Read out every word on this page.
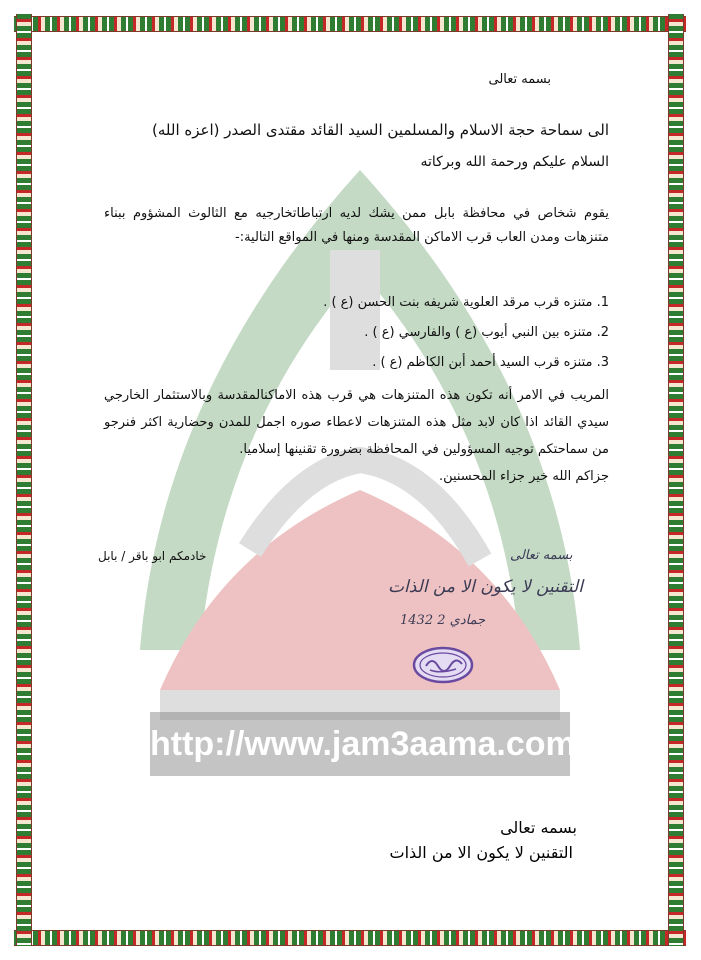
http://www.jam3aama.com
بسمه تعالى
الى سماحة حجة الاسلام والمسلمين السيد القائد مقتدى الصدر (اعزه الله)
السلام عليكم ورحمة الله وبركاته
يقوم شخاص في محافظة بابل ممن يشك لديه ارتباطاتخارجيه مع الثالوث المشؤوم ببناء متنزهات ومدن العاب قرب الاماكن المقدسة ومنها في المواقع التالية:-
1. متنزه قرب مرقد العلوية شريفه بنت الحسن (ع ) .
2. متنزه بين النبي أيوب (ع ) والفارسي (ع ) .
3. متنزه قرب السيد أحمد أبن الكاظم (ع ) .
المريب في الامر أنه تكون هذه المتنزهات هي قرب هذه الاماكنالمقدسة وبالاستثمار الخارجي سيدي القائد اذا كان لابد مثل هذه المتنزهات لاعطاء صوره اجمل للمدن وحضارية اكثر فنرجو من سماحتكم توجيه المسؤولين في المحافظة بضرورة تقنينها إسلاميا.
جزاكم الله خير جزاء المحسنين.
خادمكم ابو باقر / بابل	بسمه تعالى
التقنين لا يكون الا من الذات
جمادي 2 1432
بسمه تعالى
التقنين لا يكون الا من الذات
